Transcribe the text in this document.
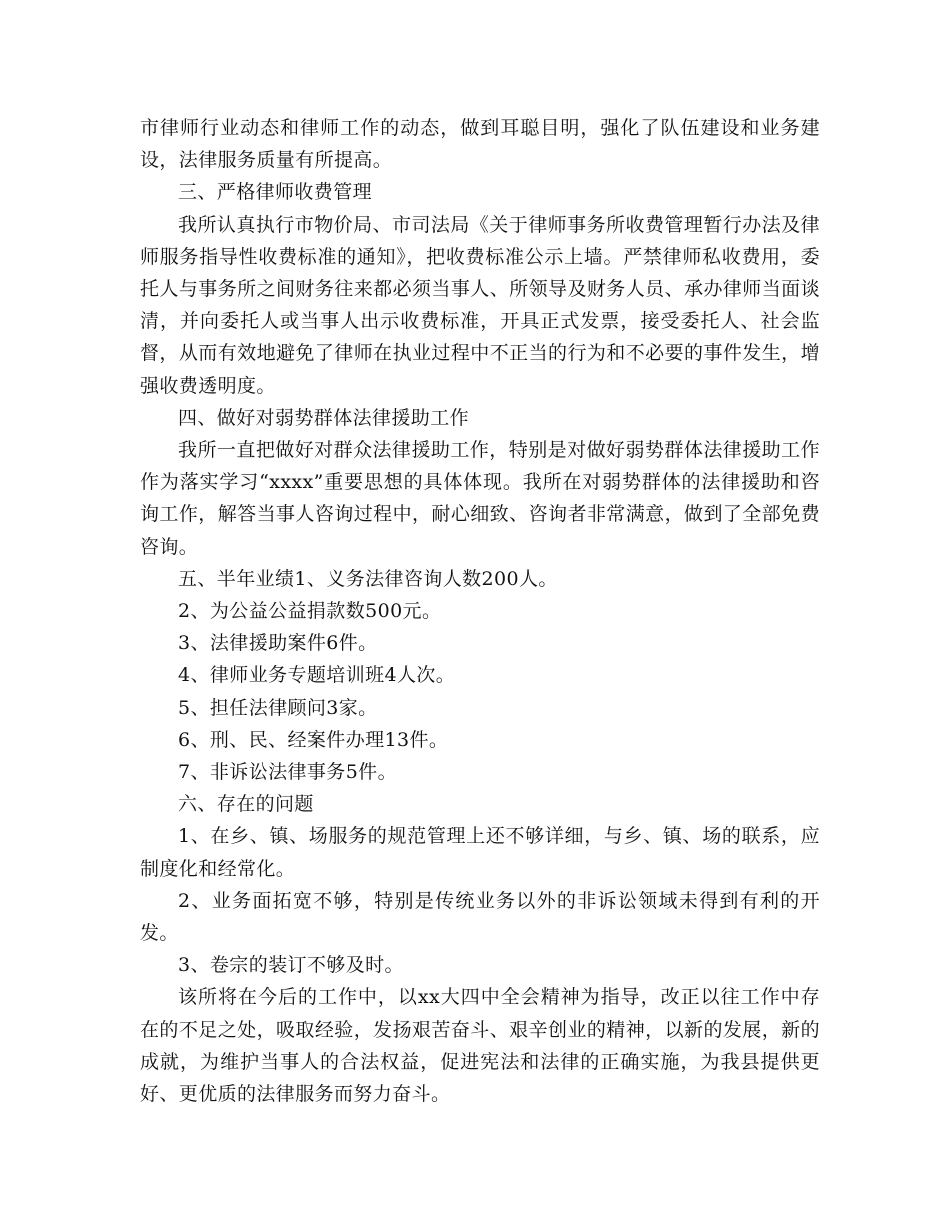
市律师行业动态和律师工作的动态，做到耳聪目明，强化了队伍建设和业务建设，法律服务质量有所提高。

三、严格律师收费管理

我所认真执行市物价局、市司法局《关于律师事务所收费管理暂行办法及律师服务指导性收费标准的通知》，把收费标准公示上墙。严禁律师私收费用，委托人与事务所之间财务往来都必须当事人、所领导及财务人员、承办律师当面谈清，并向委托人或当事人出示收费标准，开具正式发票，接受委托人、社会监督，从而有效地避免了律师在执业过程中不正当的行为和不必要的事件发生，增强收费透明度。

四、做好对弱势群体法律援助工作

我所一直把做好对群众法律援助工作，特别是对做好弱势群体法律援助工作作为落实学习“xxxx”重要思想的具体体现。我所在对弱势群体的法律援助和咨询工作，解答当事人咨询过程中，耐心细致、咨询者非常满意，做到了全部免费咨询。

五、半年业绩1、义务法律咨询人数200人。

2、为公益公益捐款数500元。

3、法律援助案件6件。

4、律师业务专题培训班4人次。

5、担任法律顾问3家。

6、刑、民、经案件办理13件。

7、非诉讼法律事务5件。

六、存在的问题

1、在乡、镇、场服务的规范管理上还不够详细，与乡、镇、场的联系，应制度化和经常化。

2、业务面拓宽不够，特别是传统业务以外的非诉讼领域未得到有利的开发。

3、卷宗的装订不够及时。

该所将在今后的工作中，以xx大四中全会精神为指导，改正以往工作中存在的不足之处，吸取经验，发扬艰苦奋斗、艰辛创业的精神，以新的发展，新的成就，为维护当事人的合法权益，促进宪法和法律的正确实施，为我县提供更好、更优质的法律服务而努力奋斗。
